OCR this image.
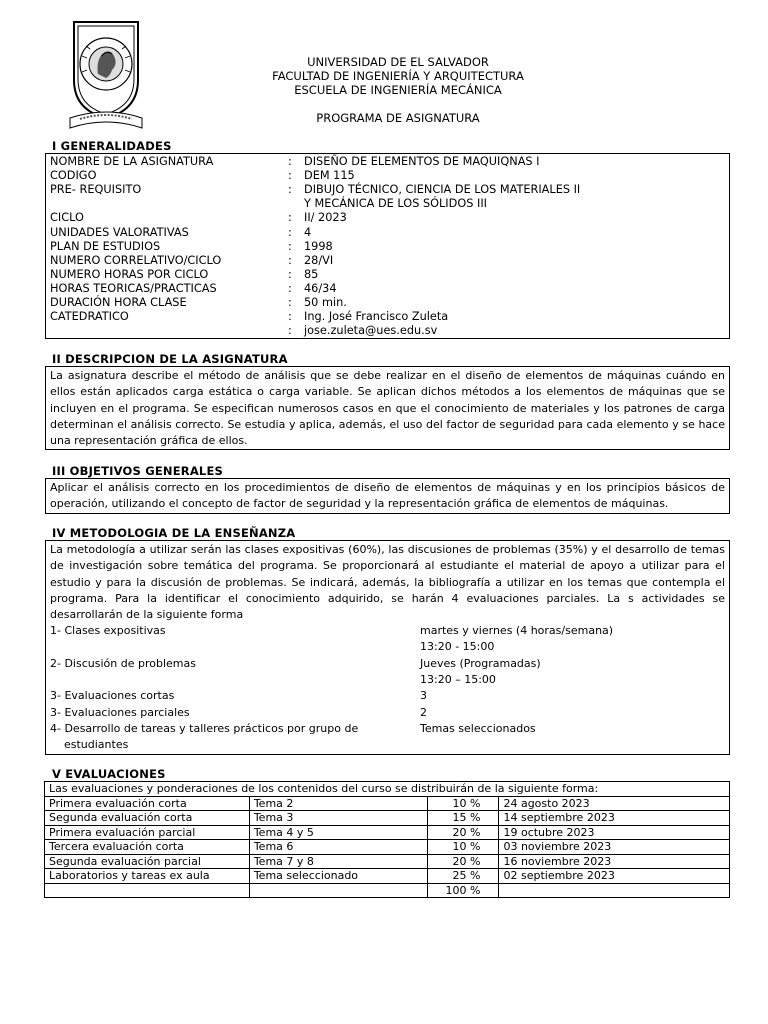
UNIVERSIDAD DE EL SALVADOR
FACULTAD DE INGENIERÍA Y ARQUITECTURA
ESCUELA DE INGENIERÍA MECÁNICA
PROGRAMA DE ASIGNATURA
I GENERALIDADES
NOMBRE DE LA ASIGNATURA	: DISEÑO DE ELEMENTOS DE MAQUIQNAS I
CODIGO	: DEM 115
PRE- REQUISITO	: DIBUJO TÉCNICO, CIENCIA DE LOS MATERIALES II
Y MECÁNICA DE LOS SÓLIDOS III
CICLO	: II/ 2023
UNIDADES VALORATIVAS	: 4
PLAN DE ESTUDIOS	: 1998
NUMERO CORRELATIVO/CICLO	: 28/VI
NUMERO HORAS POR CICLO	: 85
HORAS TEORICAS/PRACTICAS	: 46/34
DURACIÓN HORA CLASE	: 50 min.
CATEDRATICO	: Ing. José Francisco Zuleta
: jose.zuleta@ues.edu.sv
II DESCRIPCION DE LA ASIGNATURA
La asignatura describe el método de análisis que se debe realizar en el diseño de elementos de máquinas cuándo en ellos están aplicados carga estática o carga variable. Se aplican dichos métodos a los elementos de máquinas que se incluyen en el programa. Se especifican numerosos casos en que el conocimiento de materiales y los patrones de carga determinan el análisis correcto. Se estudia y aplica, además, el uso del factor de seguridad para cada elemento y se hace una representación gráfica de ellos.
III OBJETIVOS GENERALES
Aplicar el análisis correcto en los procedimientos de diseño de elementos de máquinas y en los principios básicos de operación, utilizando el concepto de factor de seguridad y la representación gráfica de elementos de máquinas.
IV METODOLOGIA DE LA ENSEÑANZA
La metodología a utilizar serán las clases expositivas (60%), las discusiones de problemas (35%) y el desarrollo de temas de investigación sobre temática del programa. Se proporcionará al estudiante el material de apoyo a utilizar para el estudio y para la discusión de problemas. Se indicará, además, la bibliografía a utilizar en los temas que contempla el programa. Para la identificar el conocimiento adquirido, se harán 4 evaluaciones parciales. La s actividades se desarrollarán de la siguiente forma
1- Clases expositivas	martes y viernes (4 horas/semana)
13:20 - 15:00
2- Discusión de problemas	Jueves (Programadas)
13:20 – 15:00
3- Evaluaciones cortas	3
3- Evaluaciones parciales	2
4- Desarrollo de tareas y talleres prácticos por grupo de	Temas seleccionados
estudiantes
V EVALUACIONES
Las evaluaciones y ponderaciones de los contenidos del curso se distribuirán de la siguiente forma:			
Primera evaluación corta	Tema 2	10 %	24 agosto 2023
Segunda evaluación corta	Tema 3	15 %	14 septiembre 2023
Primera evaluación parcial	Tema 4 y 5	20 %	19 octubre 2023
Tercera evaluación corta	Tema 6	10 %	03 noviembre 2023
Segunda evaluación parcial	Tema 7 y 8	20 %	16 noviembre 2023
Laboratorios y tareas ex aula	Tema seleccionado	25 %	02 septiembre 2023
		100 %	
